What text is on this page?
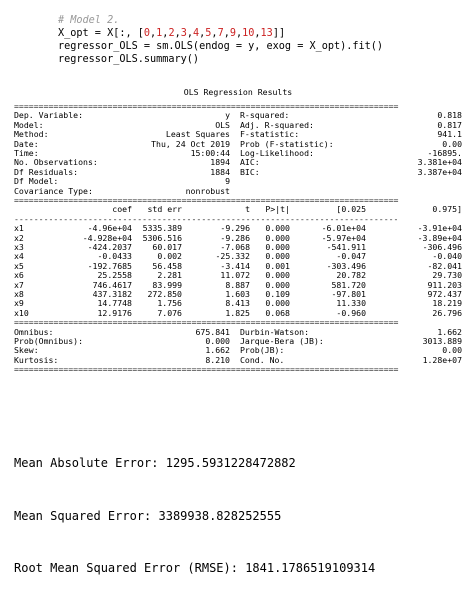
# Model 2.
X_opt = X[:, [0,1,2,3,4,5,7,9,10,13]]
regressor_OLS = sm.OLS(endog = y, exog = X_opt).fit()
regressor_OLS.summary()

OLS Regression Results

==============================================================================
Dep. Variable:	y R-squared:	0.818
Model:	OLS Adj. R-squared:	0.817
Method:	Least Squares F-statistic:	941.1
Date:	Thu, 24 Oct 2019 Prob (F-statistic):	0.00
Time:	15:00:44 Log-Likelihood:	-16895.
No. Observations:	1894 AIC:	3.381e+04
Df Residuals:	1884 BIC:	3.387e+04
Df Model:	9
Covariance Type:	nonrobust
==============================================================================
coef	std err	t	P>|t|	[0.025	0.975]
------------------------------------------------------------------------------
x1	-4.96e+04	5335.389	-9.296	0.000	-6.01e+04	-3.91e+04
x2	-4.928e+04	5306.516	-9.286	0.000	-5.97e+04	-3.89e+04
x3	-424.2037	60.017	-7.068	0.000	-541.911	-306.496
x4	-0.0433	0.002	-25.332	0.000	-0.047	-0.040
x5	-192.7685	56.458	-3.414	0.001	-303.496	-82.041
x6	25.2558	2.281	11.072	0.000	20.782	29.730
x7	746.4617	83.999	8.887	0.000	581.720	911.203
x8	437.3182	272.850	1.603	0.109	-97.801	972.437
x9	14.7748	1.756	8.413	0.000	11.330	18.219
x10	12.9176	7.076	1.825	0.068	-0.960	26.796
==============================================================================
Omnibus:	675.841 Durbin-Watson:	1.662
Prob(Omnibus):	0.000 Jarque-Bera (JB):	3013.889
Skew:	1.662 Prob(JB):	0.00
Kurtosis:	8.210 Cond. No.	1.28e+07
==============================================================================

Mean Absolute Error: 1295.5931228472882

Mean Squared Error: 3389938.828252555

Root Mean Squared Error (RMSE): 1841.1786519109314
